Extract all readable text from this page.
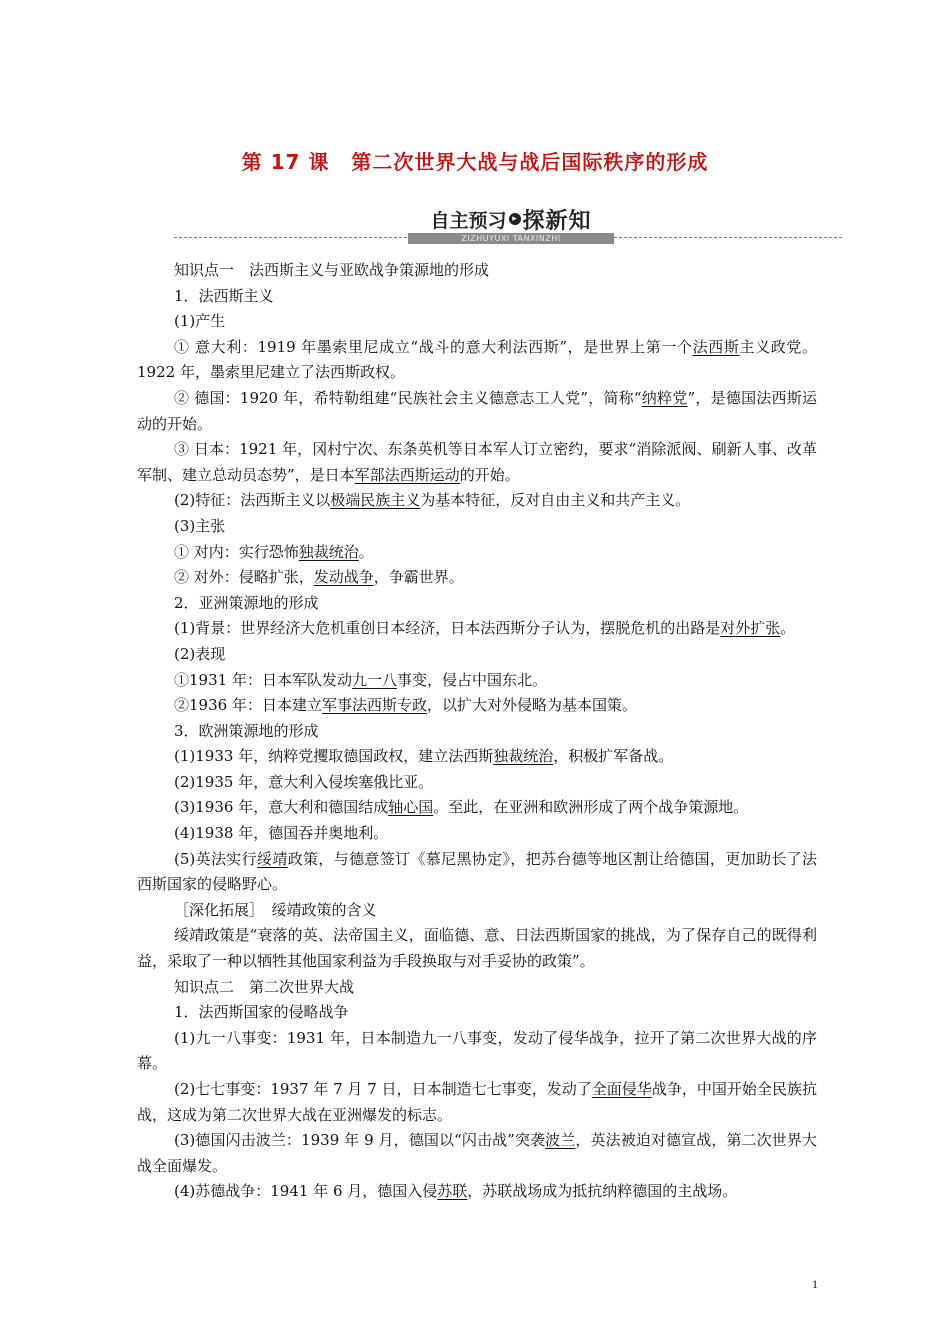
第 17 课 第二次世界大战与战后国际秩序的形成
自主预习 ▸ 探新知
ZIZHUYUXI TANXINZHI

知识点一　法西斯主义与亚欧战争策源地的形成

1．法西斯主义

(1)产生

① 意大利：1919 年墨索里尼成立“战斗的意大利法西斯”，是世界上第一个法西斯主义政党。1922 年，墨索里尼建立了法西斯政权。

② 德国：1920 年，希特勒组建“民族社会主义德意志工人党”，简称“纳粹党”，是德国法西斯运动的开始。

③ 日本：1921 年，冈村宁次、东条英机等日本军人订立密约，要求“消除派阀、刷新人事、改革军制、建立总动员态势”，是日本军部法西斯运动的开始。

(2)特征：法西斯主义以极端民族主义为基本特征，反对自由主义和共产主义。

(3)主张

① 对内：实行恐怖独裁统治。

② 对外：侵略扩张，发动战争，争霸世界。

2．亚洲策源地的形成

(1)背景：世界经济大危机重创日本经济，日本法西斯分子认为，摆脱危机的出路是对外扩张。

(2)表现

①1931 年：日本军队发动九一八事变，侵占中国东北。

②1936 年：日本建立军事法西斯专政，以扩大对外侵略为基本国策。

3．欧洲策源地的形成

(1)1933 年，纳粹党攫取德国政权，建立法西斯独裁统治，积极扩军备战。

(2)1935 年，意大利入侵埃塞俄比亚。

(3)1936 年，意大利和德国结成轴心国。至此，在亚洲和欧洲形成了两个战争策源地。

(4)1938 年，德国吞并奥地利。

(5)英法实行绥靖政策，与德意签订《慕尼黑协定》，把苏台德等地区割让给德国，更加助长了法西斯国家的侵略野心。

［深化拓展］　绥靖政策的含义

绥靖政策是“衰落的英、法帝国主义，面临德、意、日法西斯国家的挑战，为了保存自己的既得利益，采取了一种以牺牲其他国家利益为手段换取与对手妥协的政策”。

知识点二　第二次世界大战

1．法西斯国家的侵略战争

(1)九一八事变：1931 年，日本制造九一八事变，发动了侵华战争，拉开了第二次世界大战的序幕。

(2)七七事变：1937 年 7 月 7 日，日本制造七七事变，发动了全面侵华战争，中国开始全民族抗战，这成为第二次世界大战在亚洲爆发的标志。

(3)德国闪击波兰：1939 年 9 月，德国以“闪击战”突袭波兰，英法被迫对德宣战，第二次世界大战全面爆发。

(4)苏德战争：1941 年 6 月，德国入侵苏联，苏联战场成为抵抗纳粹德国的主战场。

1
